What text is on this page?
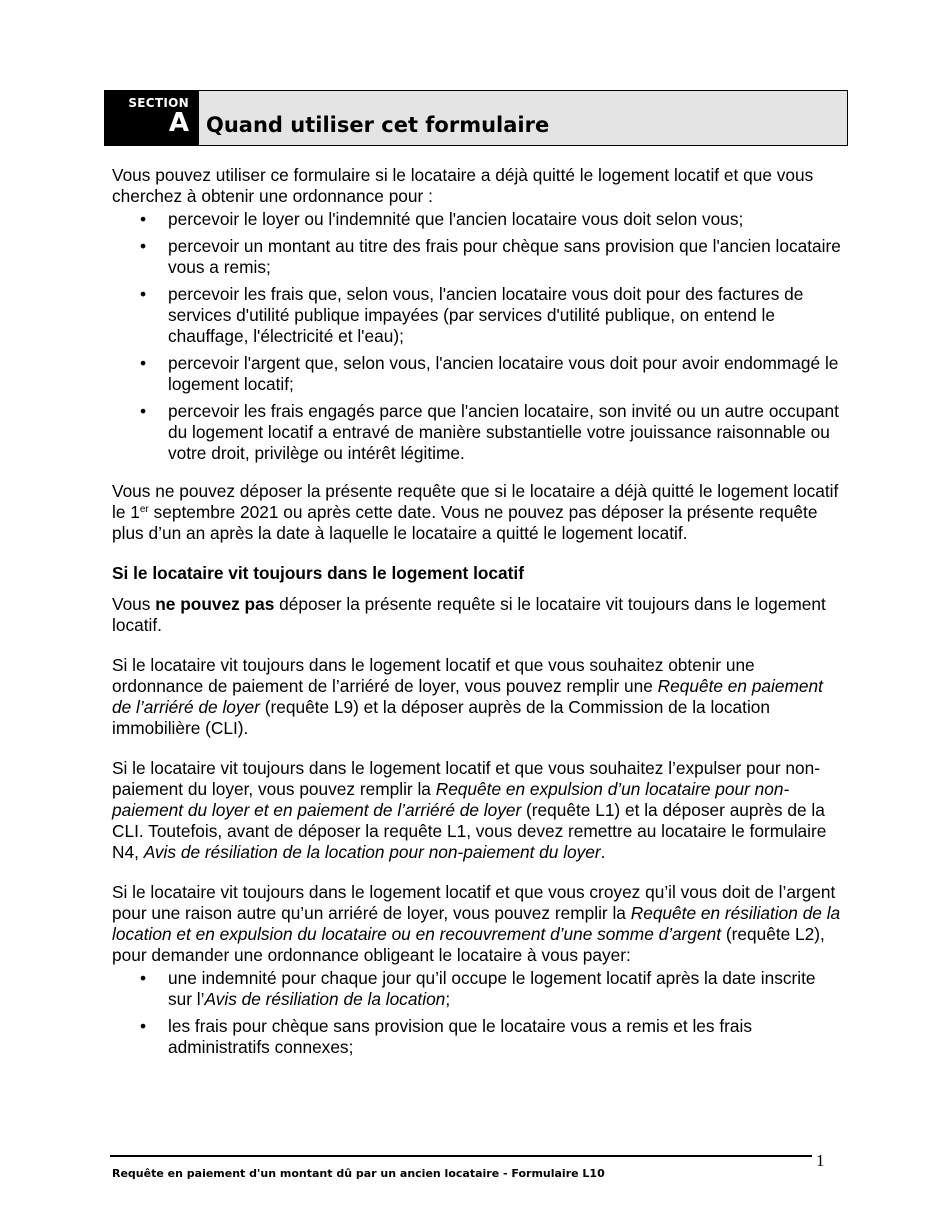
SECTION
A Quand utiliser cet formulaire

Vous pouvez utiliser ce formulaire si le locataire a déjà quitté le logement locatif et que vous cherchez à obtenir une ordonnance pour :

• percevoir le loyer ou l'indemnité que l'ancien locataire vous doit selon vous;
• percevoir un montant au titre des frais pour chèque sans provision que l'ancien locataire vous a remis;
• percevoir les frais que, selon vous, l'ancien locataire vous doit pour des factures de services d'utilité publique impayées (par services d'utilité publique, on entend le chauffage, l'électricité et l'eau);
• percevoir l'argent que, selon vous, l'ancien locataire vous doit pour avoir endommagé le logement locatif;
• percevoir les frais engagés parce que l'ancien locataire, son invité ou un autre occupant du logement locatif a entravé de manière substantielle votre jouissance raisonnable ou votre droit, privilège ou intérêt légitime.

Vous ne pouvez déposer la présente requête que si le locataire a déjà quitté le logement locatif le 1er septembre 2021 ou après cette date. Vous ne pouvez pas déposer la présente requête plus d’un an après la date à laquelle le locataire a quitté le logement locatif.

Si le locataire vit toujours dans le logement locatif

Vous ne pouvez pas déposer la présente requête si le locataire vit toujours dans le logement locatif.

Si le locataire vit toujours dans le logement locatif et que vous souhaitez obtenir une ordonnance de paiement de l’arriéré de loyer, vous pouvez remplir une Requête en paiement de l’arriéré de loyer (requête L9) et la déposer auprès de la Commission de la location immobilière (CLI).

Si le locataire vit toujours dans le logement locatif et que vous souhaitez l’expulser pour non-paiement du loyer, vous pouvez remplir la Requête en expulsion d’un locataire pour non-paiement du loyer et en paiement de l’arriéré de loyer (requête L1) et la déposer auprès de la CLI. Toutefois, avant de déposer la requête L1, vous devez remettre au locataire le formulaire N4, Avis de résiliation de la location pour non-paiement du loyer.

Si le locataire vit toujours dans le logement locatif et que vous croyez qu’il vous doit de l’argent pour une raison autre qu’un arriéré de loyer, vous pouvez remplir la Requête en résiliation de la location et en expulsion du locataire ou en recouvrement d’une somme d’argent (requête L2), pour demander une ordonnance obligeant le locataire à vous payer:

• une indemnité pour chaque jour qu’il occupe le logement locatif après la date inscrite sur l’Avis de résiliation de la location;
• les frais pour chèque sans provision que le locataire vous a remis et les frais administratifs connexes;
Requête en paiement d'un montant dû par un ancien locataire - Formulaire L10
1
